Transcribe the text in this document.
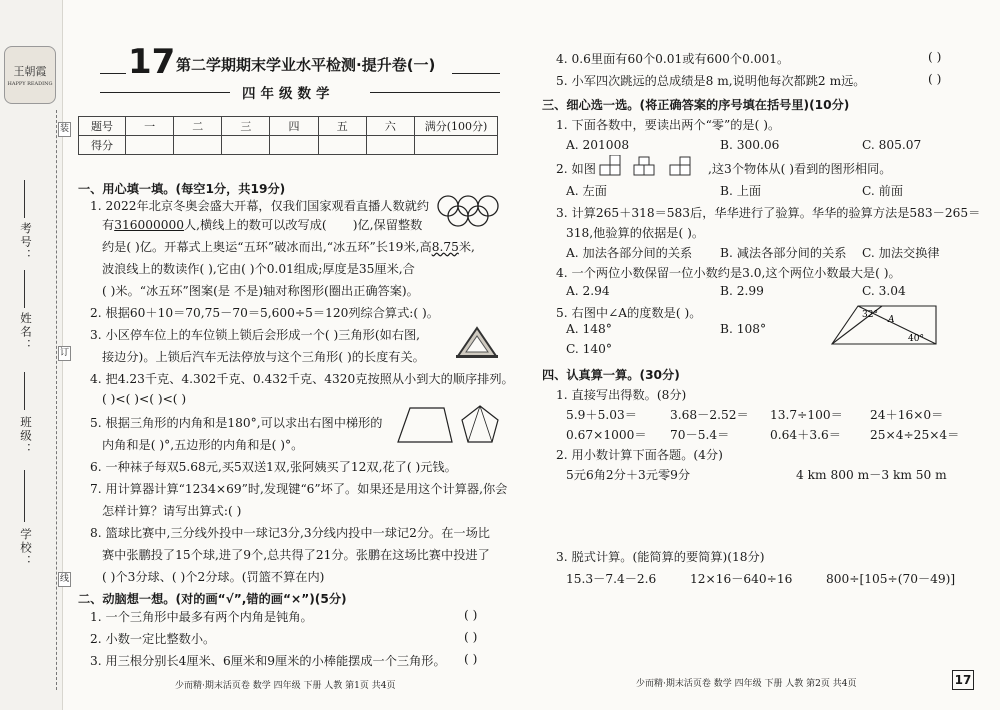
考号：
姓名：
班级：
学校：
装
订
线
王朝霞
HAPPY READING
17 第二学期期末学业水平检测·提升卷(一)
四年级数学
题号	一	二	三	四	五	六	满分(100分)
得分							
一、用心填一填。(每空1分，共19分)
1. 2022年北京冬奥会盛大开幕，仅我们国家观看直播人数就约
有316000000人,横线上的数可以改写成( )亿,保留整数
约是( )亿。开幕式上奥运“五环”破冰而出,“冰五环”长19米,高8.75米,
波浪线上的数读作( ),它由( )个0.01组成;厚度是35厘米,合
( )米。“冰五环”图案(是 不是)轴对称图形(圈出正确答案)。
2. 根据60＋10＝70,75－70＝5,600÷5＝120列综合算式:( )。
3. 小区停车位上的车位锁上锁后会形成一个( )三角形(如右图,
接边分)。上锁后汽车无法停放与这个三角形( )的长度有关。
4. 把4.23千克、4.302千克、0.432千克、4320克按照从小到大的顺序排列。
( )<( )<( )<( )
5. 根据三角形的内角和是180°,可以求出右图中梯形的
内角和是( )°,五边形的内角和是( )°。
6. 一种袜子每双5.68元,买5双送1双,张阿姨买了12双,花了( )元钱。
7. 用计算器计算“1234×69”时,发现键“6”坏了。如果还是用这个计算器,你会
怎样计算？请写出算式:( )
8. 篮球比赛中,三分线外投中一球记3分,3分线内投中一球记2分。在一场比
赛中张鹏投了15个球,进了9个,总共得了21分。张鹏在这场比赛中投进了
( )个3分球、( )个2分球。(罚篮不算在内)
二、动脑想一想。(对的画“√”,错的画“×”)(5分)
1. 一个三角形中最多有两个内角是钝角。	( )
2. 小数一定比整数小。	( )
3. 用三根分别长4厘米、6厘米和9厘米的小棒能摆成一个三角形。 ( )
少而精·期末活页卷 数学 四年级 下册 人教 第1页 共4页
4. 0.6里面有60个0.01或有600个0.001。	( )
5. 小军四次跳远的总成绩是8 m,说明他每次都跳2 m远。	( )
三、细心选一选。(将正确答案的序号填在括号里)(10分)
1. 下面各数中，要读出两个“零”的是( )。
A. 201008	B. 300.06	C. 805.07
2. 如图	,这3个物体从( )看到的图形相同。
A. 左面	B. 上面	C. 前面
3. 计算265＋318＝583后，华华进行了验算。华华的验算方法是583－265＝
318,他验算的依据是( )。
A. 加法各部分间的关系 B. 减法各部分间的关系 C. 加法交换律
4. 一个两位小数保留一位小数约是3.0,这个两位小数最大是( )。
A. 2.94	B. 2.99	C. 3.04
5. 右图中∠A的度数是( )。
A. 148°	B. 108°
C. 140°
32° A
40°
四、认真算一算。(30分)
1. 直接写出得数。(8分)
5.9＋5.03＝	3.68－2.52＝ 13.7÷100＝ 24＋16×0＝
0.67×1000＝ 70－5.4＝	0.64＋3.6＝ 25×4÷25×4＝
2. 用小数计算下面各题。(4分)
5元6角2分＋3元零9分	4 km 800 m－3 km 50 m
3. 脱式计算。(能简算的要简算)(18分)
15.3－7.4－2.6	12×16－640÷16	800÷[105÷(70－49)]
少而精·期末活页卷 数学 四年级 下册 人教 第2页 共4页	17
